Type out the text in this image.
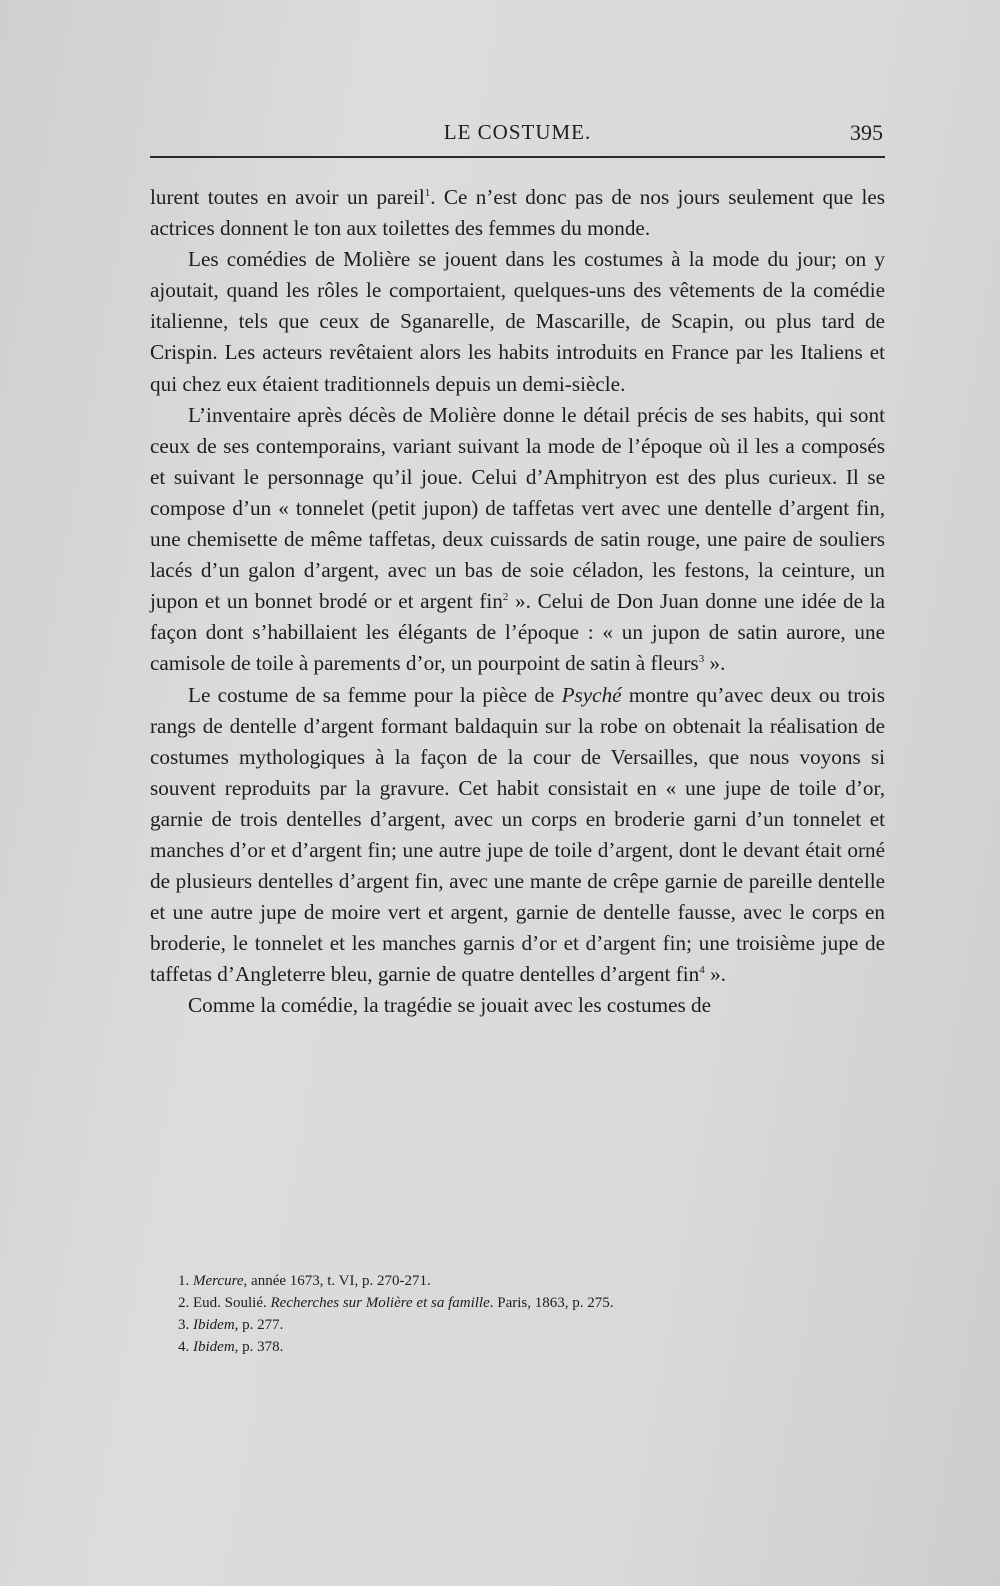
LE COSTUME.	395

lurent toutes en avoir un pareil$^1$. Ce n’est donc pas de nos jours seulement que les actrices donnent le ton aux toilettes des femmes du monde.

Les comédies de Molière se jouent dans les costumes à la mode du jour; on y ajoutait, quand les rôles le comportaient, quelques-uns des vêtements de la comédie italienne, tels que ceux de Sganarelle, de Mascarille, de Scapin, ou plus tard de Crispin. Les acteurs revêtaient alors les habits introduits en France par les Italiens et qui chez eux étaient traditionnels depuis un demi-siècle.

L’inventaire après décès de Molière donne le détail précis de ses habits, qui sont ceux de ses contemporains, variant suivant la mode de l’époque où il les a composés et suivant le personnage qu’il joue. Celui d’Amphitryon est des plus curieux. Il se compose d’un « tonnelet (petit jupon) de taffetas vert avec une dentelle d’argent fin, une chemisette de même taffetas, deux cuissards de satin rouge, une paire de souliers lacés d’un galon d’argent, avec un bas de soie céladon, les festons, la ceinture, un jupon et un bonnet brodé or et argent fin$^2$ ». Celui de Don Juan donne une idée de la façon dont s’habillaient les élégants de l’époque : « un jupon de satin aurore, une camisole de toile à parements d’or, un pourpoint de satin à fleurs$^3$ ».

Le costume de sa femme pour la pièce de Psyché montre qu’avec deux ou trois rangs de dentelle d’argent formant baldaquin sur la robe on obtenait la réalisation de costumes mythologiques à la façon de la cour de Versailles, que nous voyons si souvent reproduits par la gravure. Cet habit consistait en « une jupe de toile d’or, garnie de trois dentelles d’argent, avec un corps en broderie garni d’un tonnelet et manches d’or et d’argent fin; une autre jupe de toile d’argent, dont le devant était orné de plusieurs dentelles d’argent fin, avec une mante de crêpe garnie de pareille dentelle et une autre jupe de moire vert et argent, garnie de dentelle fausse, avec le corps en broderie, le tonnelet et les manches garnis d’or et d’argent fin; une troisième jupe de taffetas d’Angleterre bleu, garnie de quatre dentelles d’argent fin$^4$ ».

Comme la comédie, la tragédie se jouait avec les costumes de

1. Mercure, année 1673, t. VI, p. 270-271.
2. Eud. Soulié. Recherches sur Molière et sa famille. Paris, 1863, p. 275.
3. Ibidem, p. 277.
4. Ibidem, p. 378.
